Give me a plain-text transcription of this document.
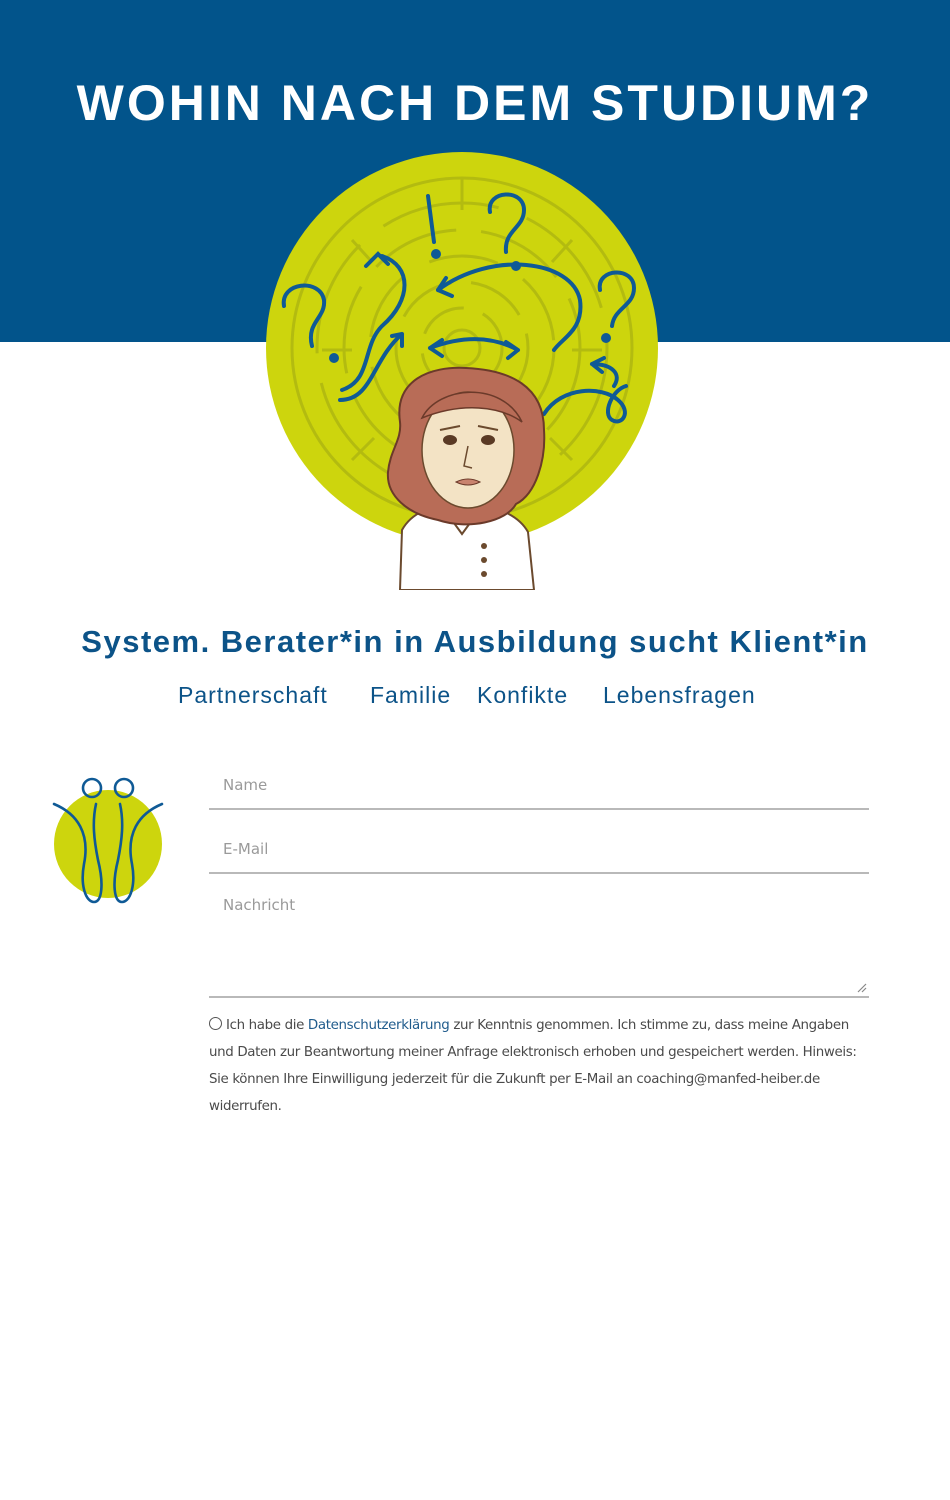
WOHIN NACH DEM STUDIUM?
System. Berater*in in Ausbildung sucht Klient*in
Partnerschaft Familie Konfikte Lebensfragen
Name
E-Mail
Nachricht
Ich habe die Datenschutzerklärung zur Kenntnis genommen. Ich stimme zu, dass meine Angaben und Daten zur Beantwortung meiner Anfrage elektronisch erhoben und gespeichert werden. Hinweis: Sie können Ihre Einwilligung jederzeit für die Zukunft per E-Mail an coaching@manfed-heiber.de widerrufen.
